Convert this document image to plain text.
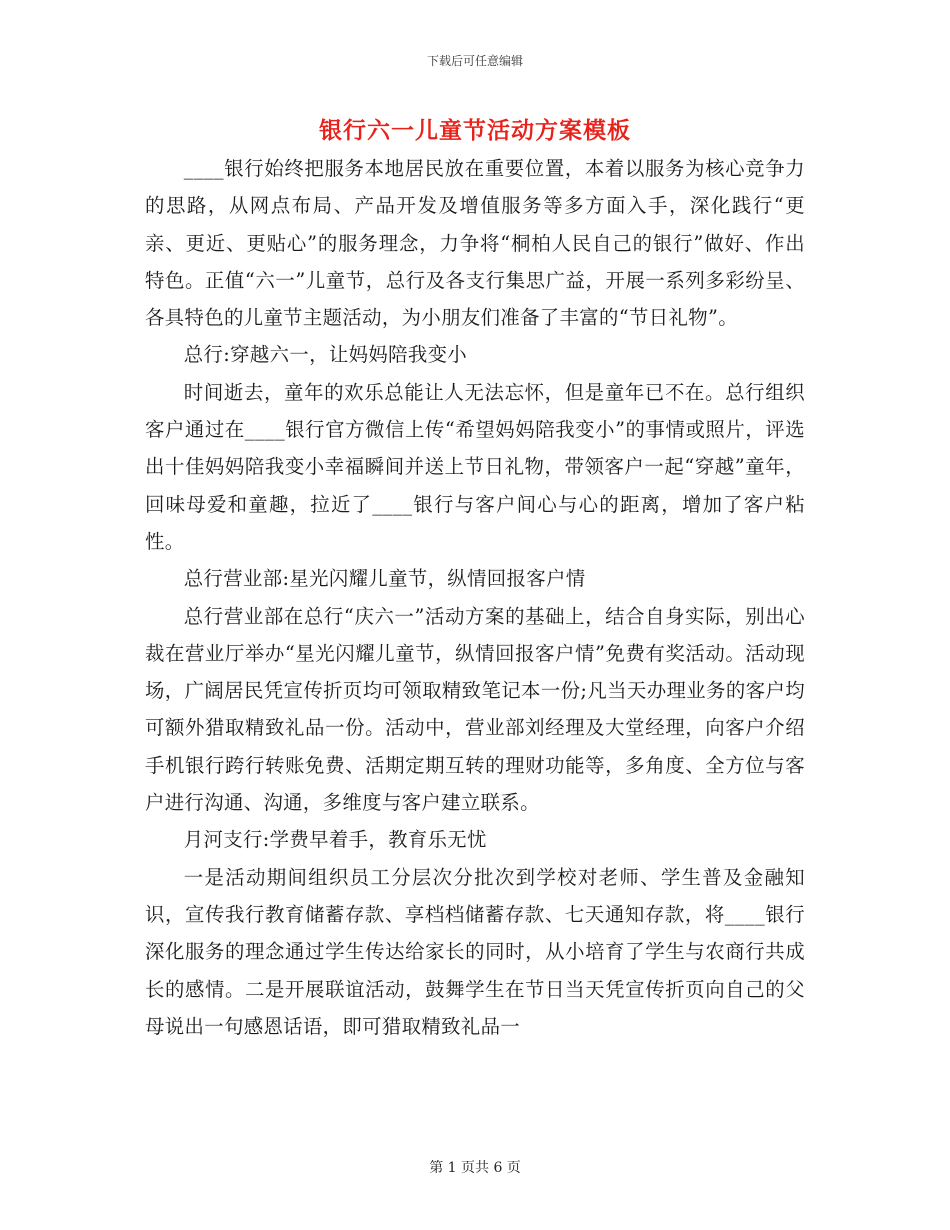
下载后可任意编辑
银行六一儿童节活动方案模板

____银行始终把服务本地居民放在重要位置，本着以服务为核心竞争力的思路，从网点布局、产品开发及增值服务等多方面入手，深化践行“更亲、更近、更贴心”的服务理念，力争将“桐柏人民自己的银行”做好、作出特色。正值“六一”儿童节，总行及各支行集思广益，开展一系列多彩纷呈、各具特色的儿童节主题活动，为小朋友们准备了丰富的“节日礼物”。

总行:穿越六一，让妈妈陪我变小

时间逝去，童年的欢乐总能让人无法忘怀，但是童年已不在。总行组织客户通过在____银行官方微信上传“希望妈妈陪我变小”的事情或照片，评选出十佳妈妈陪我变小幸福瞬间并送上节日礼物，带领客户一起“穿越”童年，回味母爱和童趣，拉近了____银行与客户间心与心的距离，增加了客户粘性。

总行营业部:星光闪耀儿童节，纵情回报客户情

总行营业部在总行“庆六一”活动方案的基础上，结合自身实际，别出心裁在营业厅举办“星光闪耀儿童节，纵情回报客户情”免费有奖活动。活动现场，广阔居民凭宣传折页均可领取精致笔记本一份;凡当天办理业务的客户均可额外猎取精致礼品一份。活动中，营业部刘经理及大堂经理，向客户介绍手机银行跨行转账免费、活期定期互转的理财功能等，多角度、全方位与客户进行沟通、沟通，多维度与客户建立联系。

月河支行:学费早着手，教育乐无忧

一是活动期间组织员工分层次分批次到学校对老师、学生普及金融知识，宣传我行教育储蓄存款、享档档储蓄存款、七天通知存款，将____银行深化服务的理念通过学生传达给家长的同时，从小培育了学生与农商行共成长的感情。二是开展联谊活动，鼓舞学生在节日当天凭宣传折页向自己的父母说出一句感恩话语，即可猎取精致礼品一

第 1 页共 6 页
